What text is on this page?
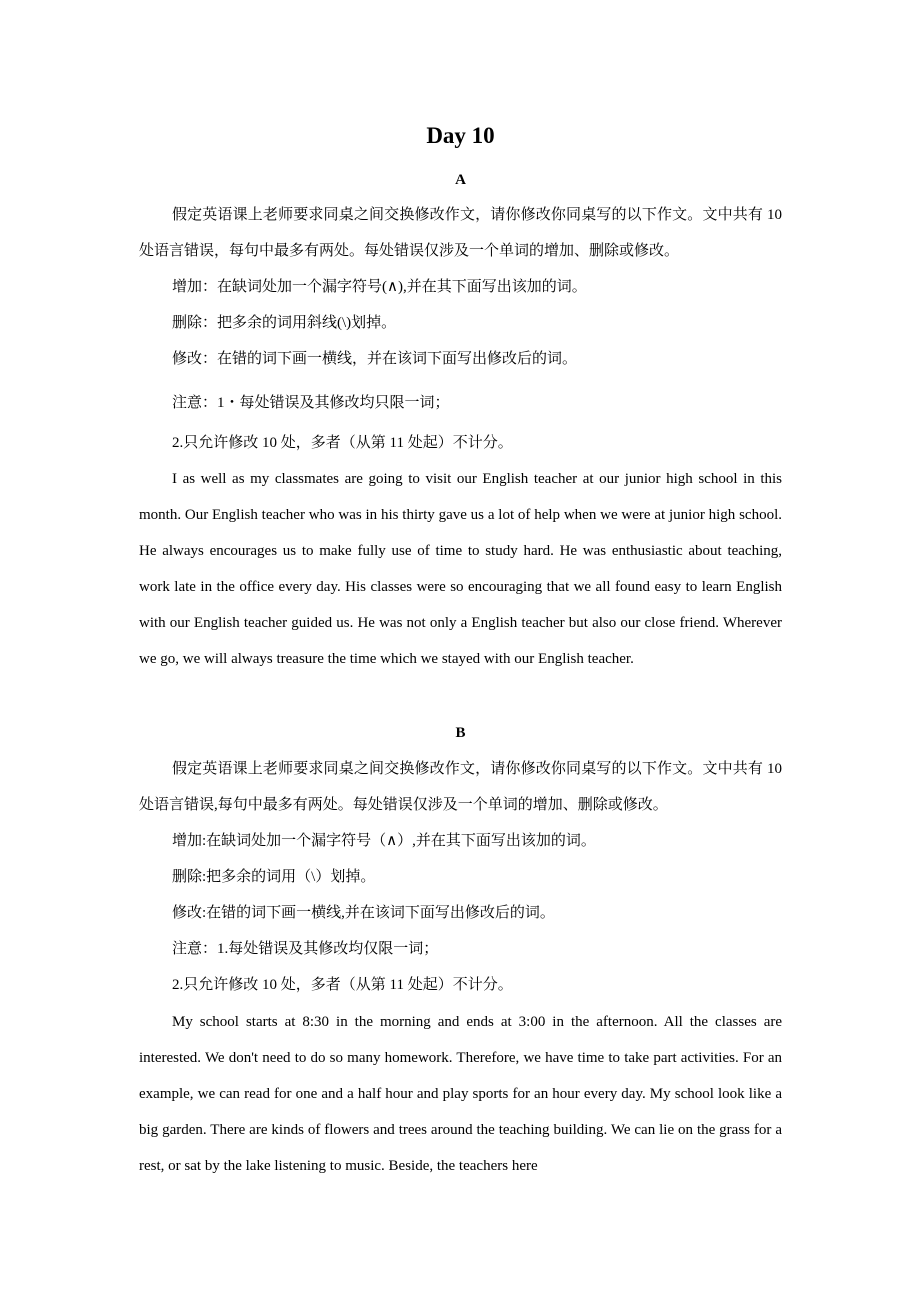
Day 10
A

假定英语课上老师要求同桌之间交换修改作文，请你修改你同桌写的以下作文。文中共有 10 处语言错误，每句中最多有两处。每处错误仅涉及一个单词的增加、删除或修改。

增加：在缺词处加一个漏字符号(∧),并在其下面写出该加的词。

删除：把多余的词用斜线(\)划掉。

修改：在错的词下画一横线，并在该词下面写出修改后的词。

注意：1・每处错误及其修改均只限一词；

2.只允许修改 10 处，多者（从第 11 处起）不计分。

I as well as my classmates are going to visit our English teacher at our junior high school in this month. Our English teacher who was in his thirty gave us a lot of help when we were at junior high school. He always encourages us to make fully use of time to study hard. He was enthusiastic about teaching, work late in the office every day. His classes were so encouraging that we all found easy to learn English with our English teacher guided us. He was not only a English teacher but also our close friend. Wherever we go, we will always treasure the time which we stayed with our English teacher.

B

假定英语课上老师要求同桌之间交换修改作文，请你修改你同桌写的以下作文。文中共有 10 处语言错误,每句中最多有两处。每处错误仅涉及一个单词的增加、删除或修改。

增加:在缺词处加一个漏字符号（∧）,并在其下面写出该加的词。

删除:把多余的词用（\）划掉。

修改:在错的词下画一横线,并在该词下面写出修改后的词。

注意：1.每处错误及其修改均仅限一词；

2.只允许修改 10 处，多者（从第 11 处起）不计分。

My school starts at 8:30 in the morning and ends at 3:00 in the afternoon. All the classes are interested. We don't need to do so many homework. Therefore, we have time to take part activities. For an example, we can read for one and a half hour and play sports for an hour every day. My school look like a big garden. There are kinds of flowers and trees around the teaching building. We can lie on the grass for a rest, or sat by the lake listening to music. Beside, the teachers here
